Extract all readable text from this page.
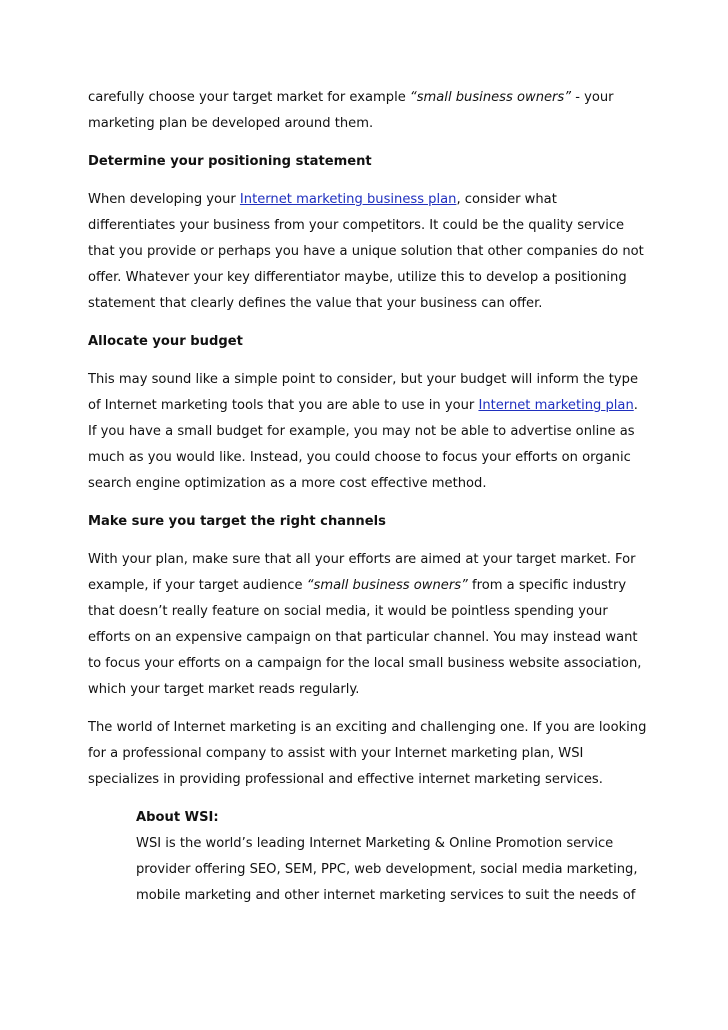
carefully choose your target market for example “small business owners” - your marketing plan be developed around them.

Determine your positioning statement

When developing your Internet marketing business plan, consider what differentiates your business from your competitors. It could be the quality service that you provide or perhaps you have a unique solution that other companies do not offer. Whatever your key differentiator maybe, utilize this to develop a positioning statement that clearly defines the value that your business can offer.

Allocate your budget

This may sound like a simple point to consider, but your budget will inform the type of Internet marketing tools that you are able to use in your Internet marketing plan. If you have a small budget for example, you may not be able to advertise online as much as you would like. Instead, you could choose to focus your efforts on organic search engine optimization as a more cost effective method.

Make sure you target the right channels

With your plan, make sure that all your efforts are aimed at your target market. For example, if your target audience “small business owners” from a specific industry that doesn’t really feature on social media, it would be pointless spending your efforts on an expensive campaign on that particular channel. You may instead want to focus your efforts on a campaign for the local small business website association, which your target market reads regularly.

The world of Internet marketing is an exciting and challenging one. If you are looking for a professional company to assist with your Internet marketing plan, WSI specializes in providing professional and effective internet marketing services.

About WSI:

WSI is the world’s leading Internet Marketing & Online Promotion service provider offering SEO, SEM, PPC, web development, social media marketing, mobile marketing and other internet marketing services to suit the needs of
